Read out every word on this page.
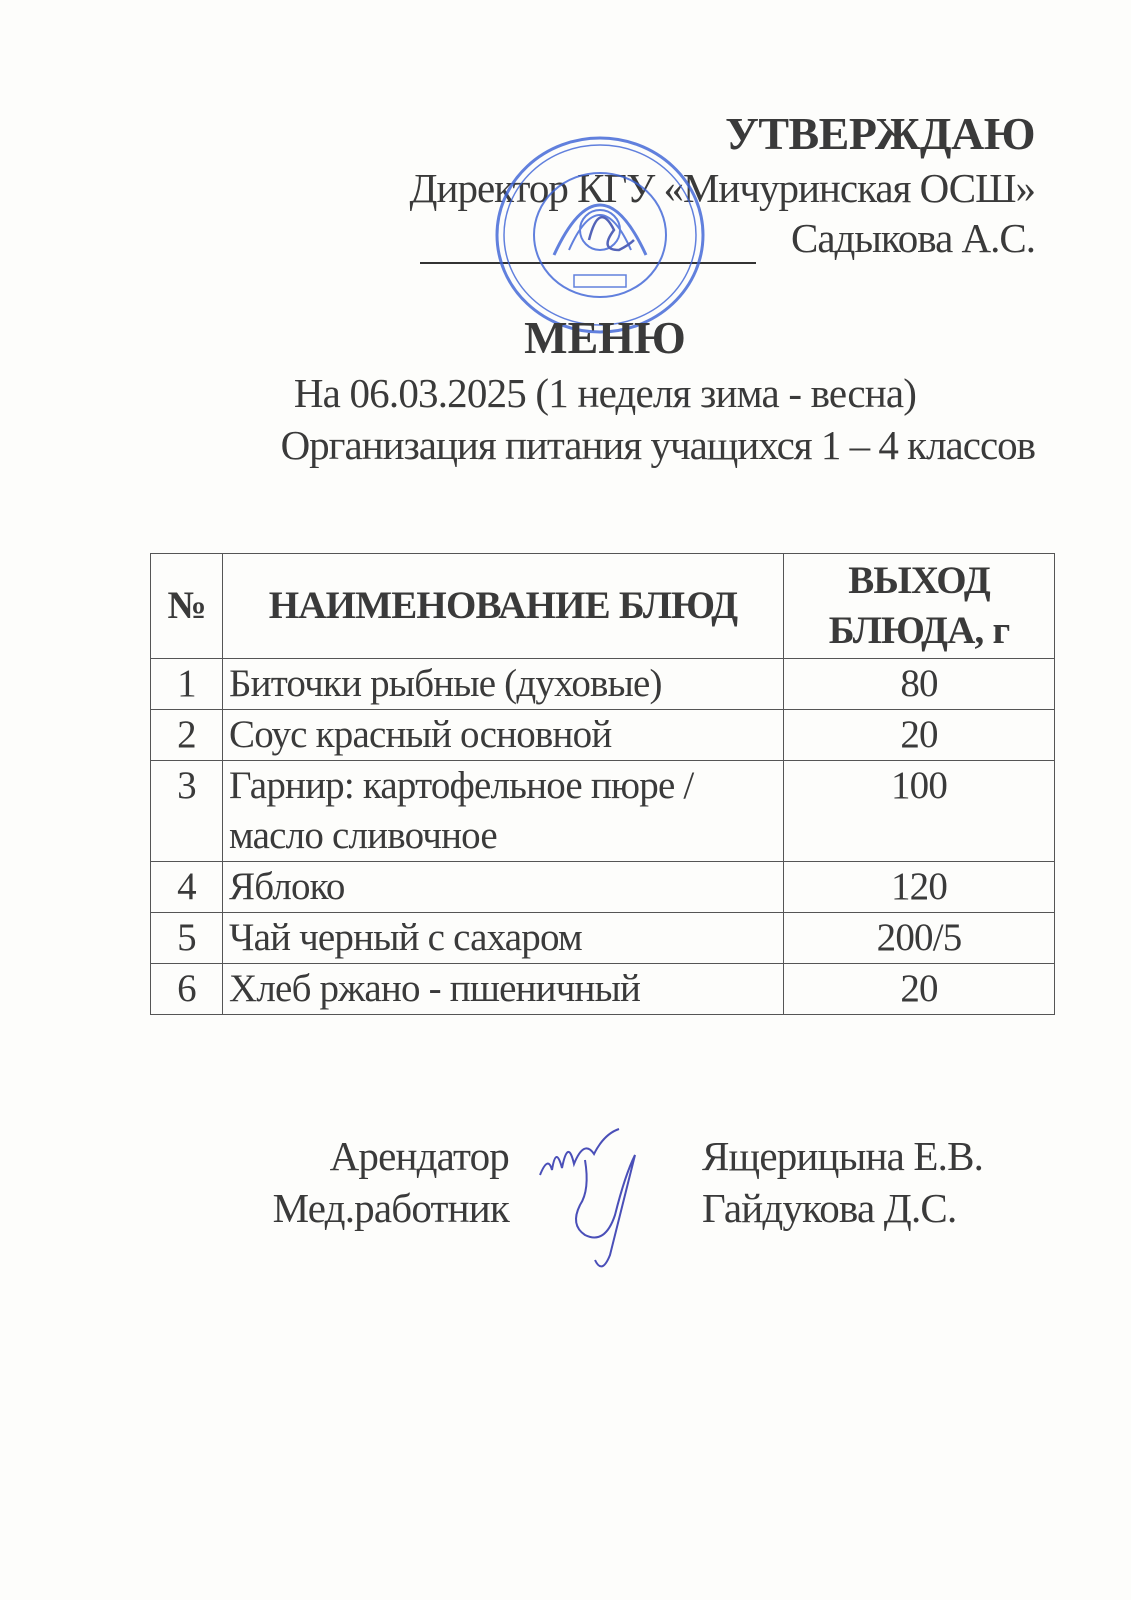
УТВЕРЖДАЮ
Директор КГУ «Мичуринская ОСШ»
Садыкова А.С.
МЕНЮ
На 06.03.2025 (1 неделя зима - весна)
Организация питания учащихся 1 – 4 классов
№	НАИМЕНОВАНИЕ БЛЮД	ВЫХОД БЛЮДА, г
1	Биточки рыбные (духовые)	80
2	Соус красный основной	20
3	Гарнир: картофельное пюре /масло сливочное	100
4	Яблоко	120
5	Чай черный с сахаром	200/5
6	Хлеб ржано - пшеничный	20
Арендатор	Ящерицына Е.В.
Мед.работник	Гайдукова Д.С.
